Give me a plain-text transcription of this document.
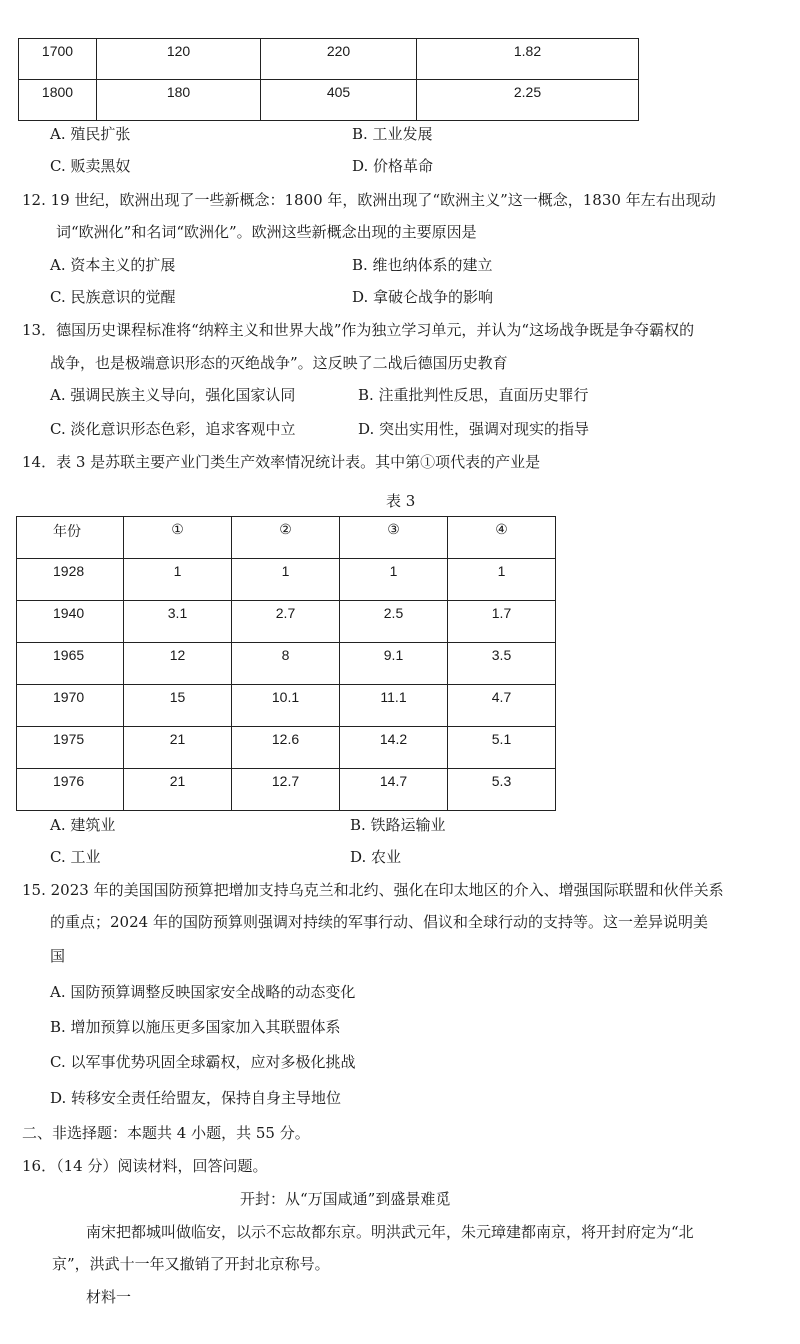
1700	120	220	1.82
1800	180	405	2.25
A. 殖民扩张	B. 工业发展
C. 贩卖黑奴	D. 价格革命
12. 19 世纪，欧洲出现了一些新概念：1800 年，欧洲出现了“欧洲主义”这一概念，1830 年左右出现动
词“欧洲化”和名词“欧洲化”。欧洲这些新概念出现的主要原因是
A. 资本主义的扩展	B. 维也纳体系的建立
C. 民族意识的觉醒	D. 拿破仑战争的影响
13．德国历史课程标准将“纳粹主义和世界大战”作为独立学习单元，并认为“这场战争既是争夺霸权的
战争，也是极端意识形态的灭绝战争”。这反映了二战后德国历史教育
A. 强调民族主义导向，强化国家认同	B. 注重批判性反思，直面历史罪行
C. 淡化意识形态色彩，追求客观中立	D. 突出实用性，强调对现实的指导
14．表 3 是苏联主要产业门类生产效率情况统计表。其中第①项代表的产业是
表 3
年份	①	②	③	④
1928	1	1	1	1
1940	3.1	2.7	2.5	1.7
1965	12	8	9.1	3.5
1970	15	10.1	11.1	4.7
1975	21	12.6	14.2	5.1
1976	21	12.7	14.7	5.3
A. 建筑业	B. 铁路运输业
C. 工业	D. 农业
15. 2023 年的美国国防预算把增加支持乌克兰和北约、强化在印太地区的介入、增强国际联盟和伙伴关系
的重点；2024 年的国防预算则强调对持续的军事行动、倡议和全球行动的支持等。这一差异说明美
国
A. 国防预算调整反映国家安全战略的动态变化
B. 增加预算以施压更多国家加入其联盟体系
C. 以军事优势巩固全球霸权，应对多极化挑战
D. 转移安全责任给盟友，保持自身主导地位
二、非选择题：本题共 4 小题，共 55 分。
16．（14 分）阅读材料，回答问题。
开封：从“万国咸通”到盛景难觅
南宋把都城叫做临安，以示不忘故都东京。明洪武元年，朱元璋建都南京，将开封府定为“北
京”，洪武十一年又撤销了开封北京称号。
材料一
